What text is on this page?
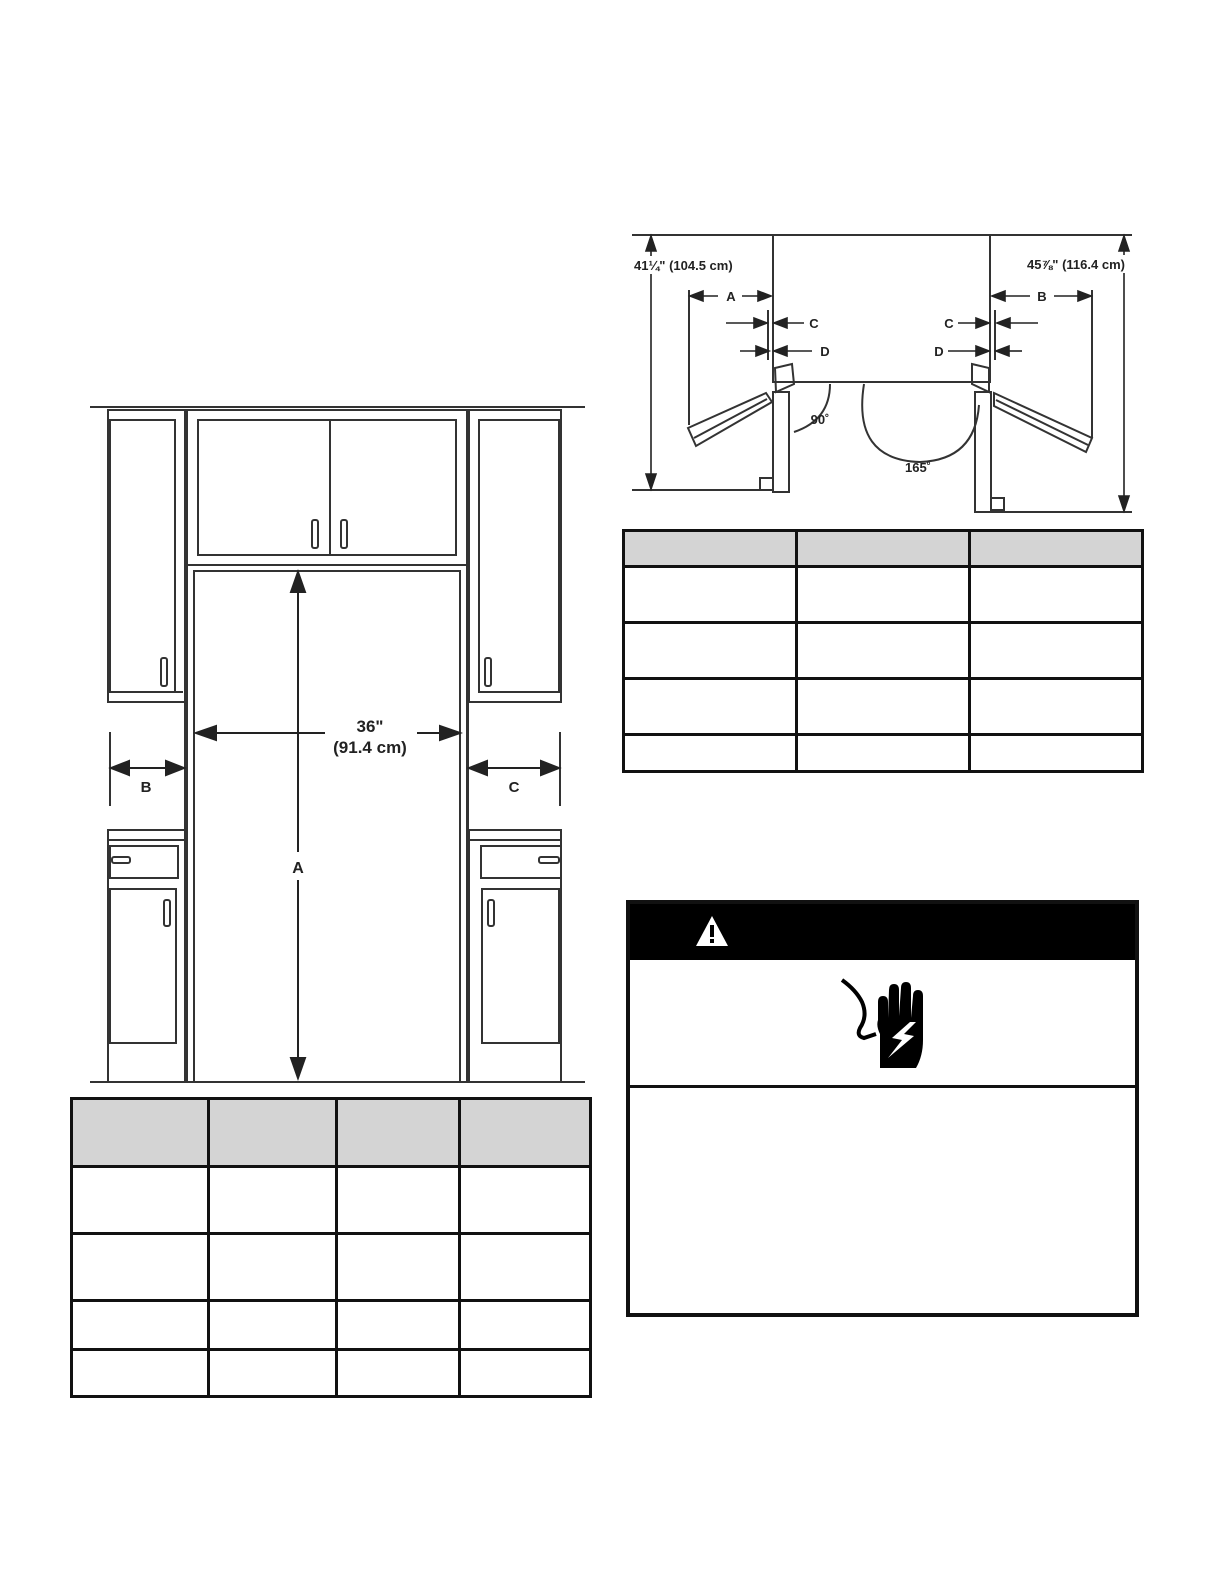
36"
(91.4 cm)
A
B	C

41¼" (104.5 cm)	45⅞" (116.4 cm)
A	B
C
D
C
D
90˚
165˚
